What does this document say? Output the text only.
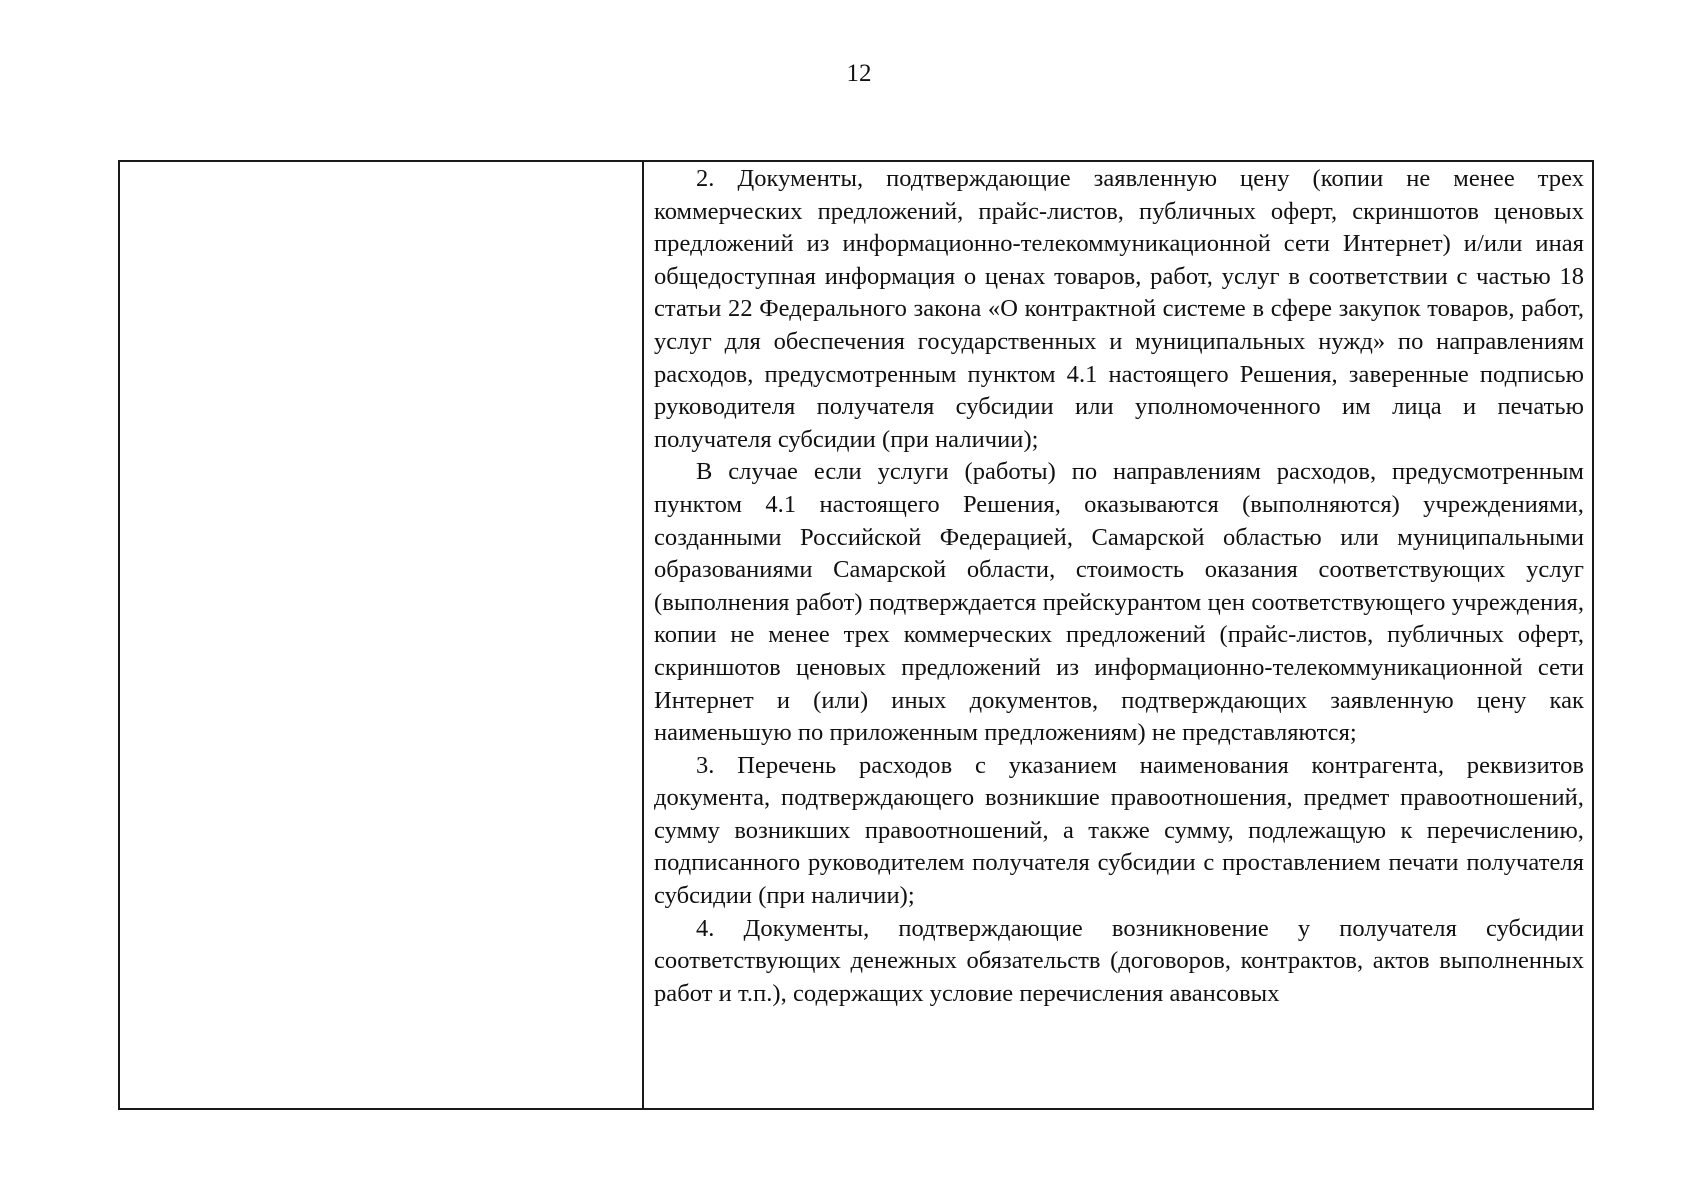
12

2. Документы, подтверждающие заявленную цену (копии не менее трех коммерческих предложений, прайс-листов, публичных оферт, скриншотов ценовых предложений из информационно-телекоммуникационной сети Интернет) и/или иная общедоступная информация о ценах товаров, работ, услуг в соответствии с частью 18 статьи 22 Федерального закона «О контрактной системе в сфере закупок товаров, работ, услуг для обеспечения государственных и муниципальных нужд» по направлениям расходов, предусмотренным пунктом 4.1 настоящего Решения, заверенные подписью руководителя получателя субсидии или уполномоченного им лица и печатью получателя субсидии (при наличии);

В случае если услуги (работы) по направлениям расходов, предусмотренным пунктом 4.1 настоящего Решения, оказываются (выполняются) учреждениями, созданными Российской Федерацией, Самарской областью или муниципальными образованиями Самарской области, стоимость оказания соответствующих услуг (выполнения работ) подтверждается прейскурантом цен соответствующего учреждения, копии не менее трех коммерческих предложений (прайс-листов, публичных оферт, скриншотов ценовых предложений из информационно-телекоммуникационной сети Интернет и (или) иных документов, подтверждающих заявленную цену как наименьшую по приложенным предложениям) не представляются;

3. Перечень расходов с указанием наименования контрагента, реквизитов документа, подтверждающего возникшие правоотношения, предмет правоотношений, сумму возникших правоотношений, а также сумму, подлежащую к перечислению, подписанного руководителем получателя субсидии с проставлением печати получателя субсидии (при наличии);

4. Документы, подтверждающие возникновение у получателя субсидии соответствующих денежных обязательств (договоров, контрактов, актов выполненных работ и т.п.), содержащих условие перечисления авансовых
